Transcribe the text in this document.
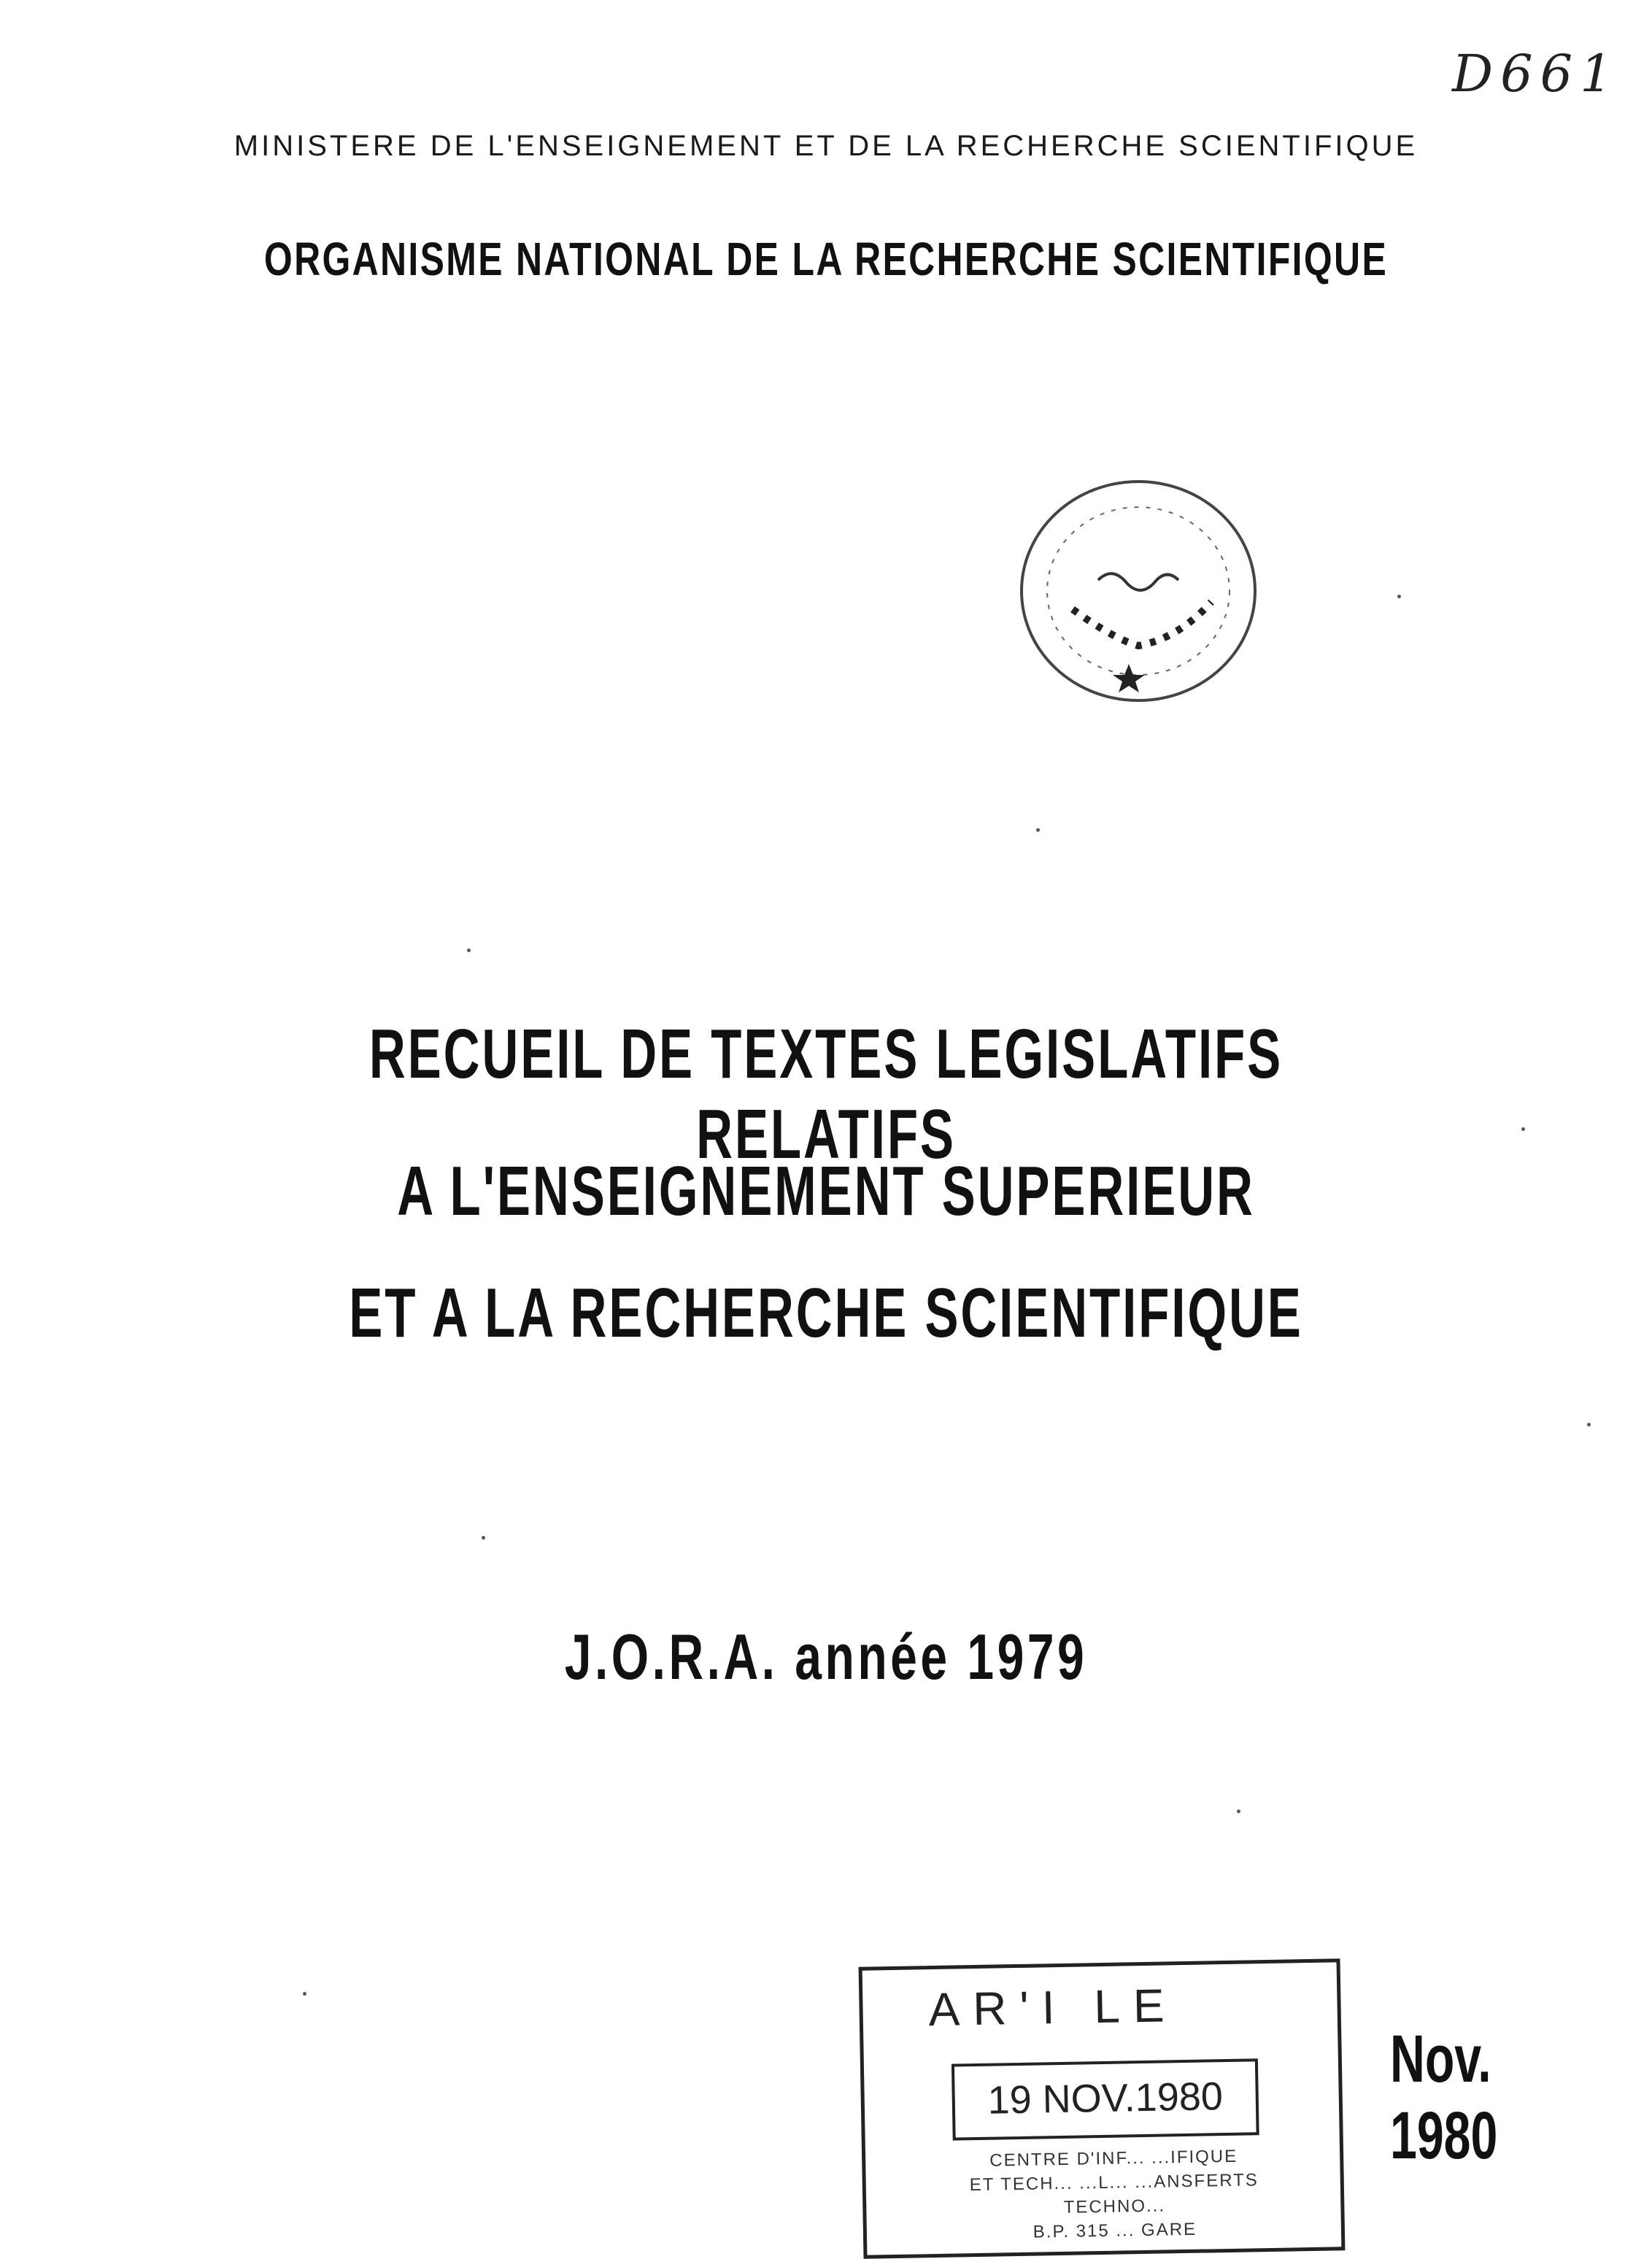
D661
MINISTERE DE L'ENSEIGNEMENT ET DE LA RECHERCHE SCIENTIFIQUE
ORGANISME NATIONAL DE LA RECHERCHE SCIENTIFIQUE
RECUEIL DE TEXTES LEGISLATIFS RELATIFS
A L'ENSEIGNEMENT SUPERIEUR
ET A LA RECHERCHE SCIENTIFIQUE
J.O.R.A. année 1979
AR'I LE
19 NOV.1980
CENTRE D'INF... ...IFIQUE
ET TECH... ...L... ...ANSFERTS
TECHNO...
B.P. 315 ... GARE
Nov. 1980
